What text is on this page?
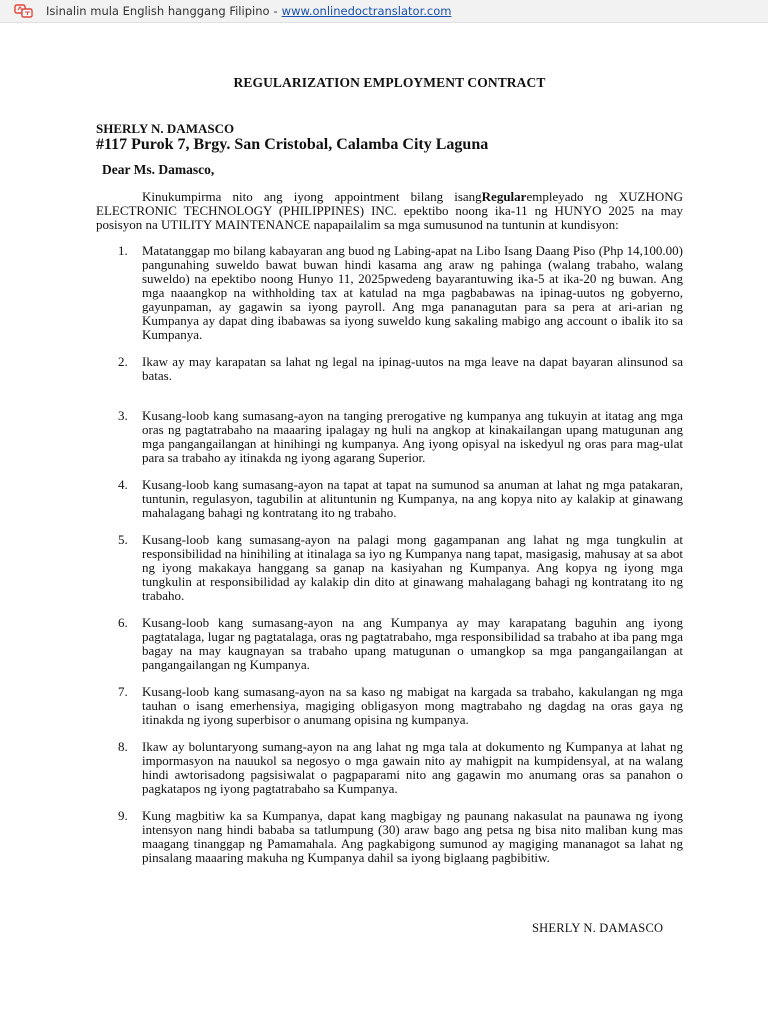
Isinalin mula English hanggang Filipino - www.onlinedoctranslator.com
REGULARIZATION EMPLOYMENT CONTRACT
SHERLY N. DAMASCO
#117 Purok 7, Brgy. San Cristobal, Calamba City Laguna
Dear Ms. Damasco,

Kinukumpirma nito ang iyong appointment bilang isangRegularempleyado ng XUZHONG ELECTRONIC TECHNOLOGY (PHILIPPINES) INC. epektibo noong ika-11 ng HUNYO 2025 na may posisyon na UTILITY MAINTENANCE napapailalim sa mga sumusunod na tuntunin at kundisyon:

1. Matatanggap mo bilang kabayaran ang buod ng Labing-apat na Libo Isang Daang Piso (Php 14,100.00) pangunahing suweldo bawat buwan hindi kasama ang araw ng pahinga (walang trabaho, walang suweldo) na epektibo noong Hunyo 11, 2025pwedeng bayarantuwing ika-5 at ika-20 ng buwan. Ang mga naaangkop na withholding tax at katulad na mga pagbabawas na ipinag-uutos ng gobyerno, gayunpaman, ay gagawin sa iyong payroll. Ang mga pananagutan para sa pera at ari-arian ng Kumpanya ay dapat ding ibabawas sa iyong suweldo kung sakaling mabigo ang account o ibalik ito sa Kumpanya.
2. Ikaw ay may karapatan sa lahat ng legal na ipinag-uutos na mga leave na dapat bayaran alinsunod sa batas.
3. Kusang-loob kang sumasang-ayon na tanging prerogative ng kumpanya ang tukuyin at itatag ang mga oras ng pagtatrabaho na maaaring ipalagay ng huli na angkop at kinakailangan upang matugunan ang mga pangangailangan at hinihingi ng kumpanya. Ang iyong opisyal na iskedyul ng oras para mag-ulat para sa trabaho ay itinakda ng iyong agarang Superior.
4. Kusang-loob kang sumasang-ayon na tapat at tapat na sumunod sa anuman at lahat ng mga patakaran, tuntunin, regulasyon, tagubilin at alituntunin ng Kumpanya, na ang kopya nito ay kalakip at ginawang mahalagang bahagi ng kontratang ito ng trabaho.
5. Kusang-loob kang sumasang-ayon na palagi mong gagampanan ang lahat ng mga tungkulin at responsibilidad na hinihiling at itinalaga sa iyo ng Kumpanya nang tapat, masigasig, mahusay at sa abot ng iyong makakaya hanggang sa ganap na kasiyahan ng Kumpanya. Ang kopya ng iyong mga tungkulin at responsibilidad ay kalakip din dito at ginawang mahalagang bahagi ng kontratang ito ng trabaho.
6. Kusang-loob kang sumasang-ayon na ang Kumpanya ay may karapatang baguhin ang iyong pagtatalaga, lugar ng pagtatalaga, oras ng pagtatrabaho, mga responsibilidad sa trabaho at iba pang mga bagay na may kaugnayan sa trabaho upang matugunan o umangkop sa mga pangangailangan at pangangailangan ng Kumpanya.
7. Kusang-loob kang sumasang-ayon na sa kaso ng mabigat na kargada sa trabaho, kakulangan ng mga tauhan o isang emerhensiya, magiging obligasyon mong magtrabaho ng dagdag na oras gaya ng itinakda ng iyong superbisor o anumang opisina ng kumpanya.
8. Ikaw ay boluntaryong sumang-ayon na ang lahat ng mga tala at dokumento ng Kumpanya at lahat ng impormasyon na nauukol sa negosyo o mga gawain nito ay mahigpit na kumpidensyal, at na walang hindi awtorisadong pagsisiwalat o pagpaparami nito ang gagawin mo anumang oras sa panahon o pagkatapos ng iyong pagtatrabaho sa Kumpanya.
9. Kung magbitiw ka sa Kumpanya, dapat kang magbigay ng paunang nakasulat na paunawa ng iyong intensyon nang hindi bababa sa tatlumpung (30) araw bago ang petsa ng bisa nito maliban kung mas maagang tinanggap ng Pamamahala. Ang pagkabigong sumunod ay magiging mananagot sa lahat ng pinsalang maaaring makuha ng Kumpanya dahil sa iyong biglaang pagbibitiw.
SHERLY N. DAMASCO
